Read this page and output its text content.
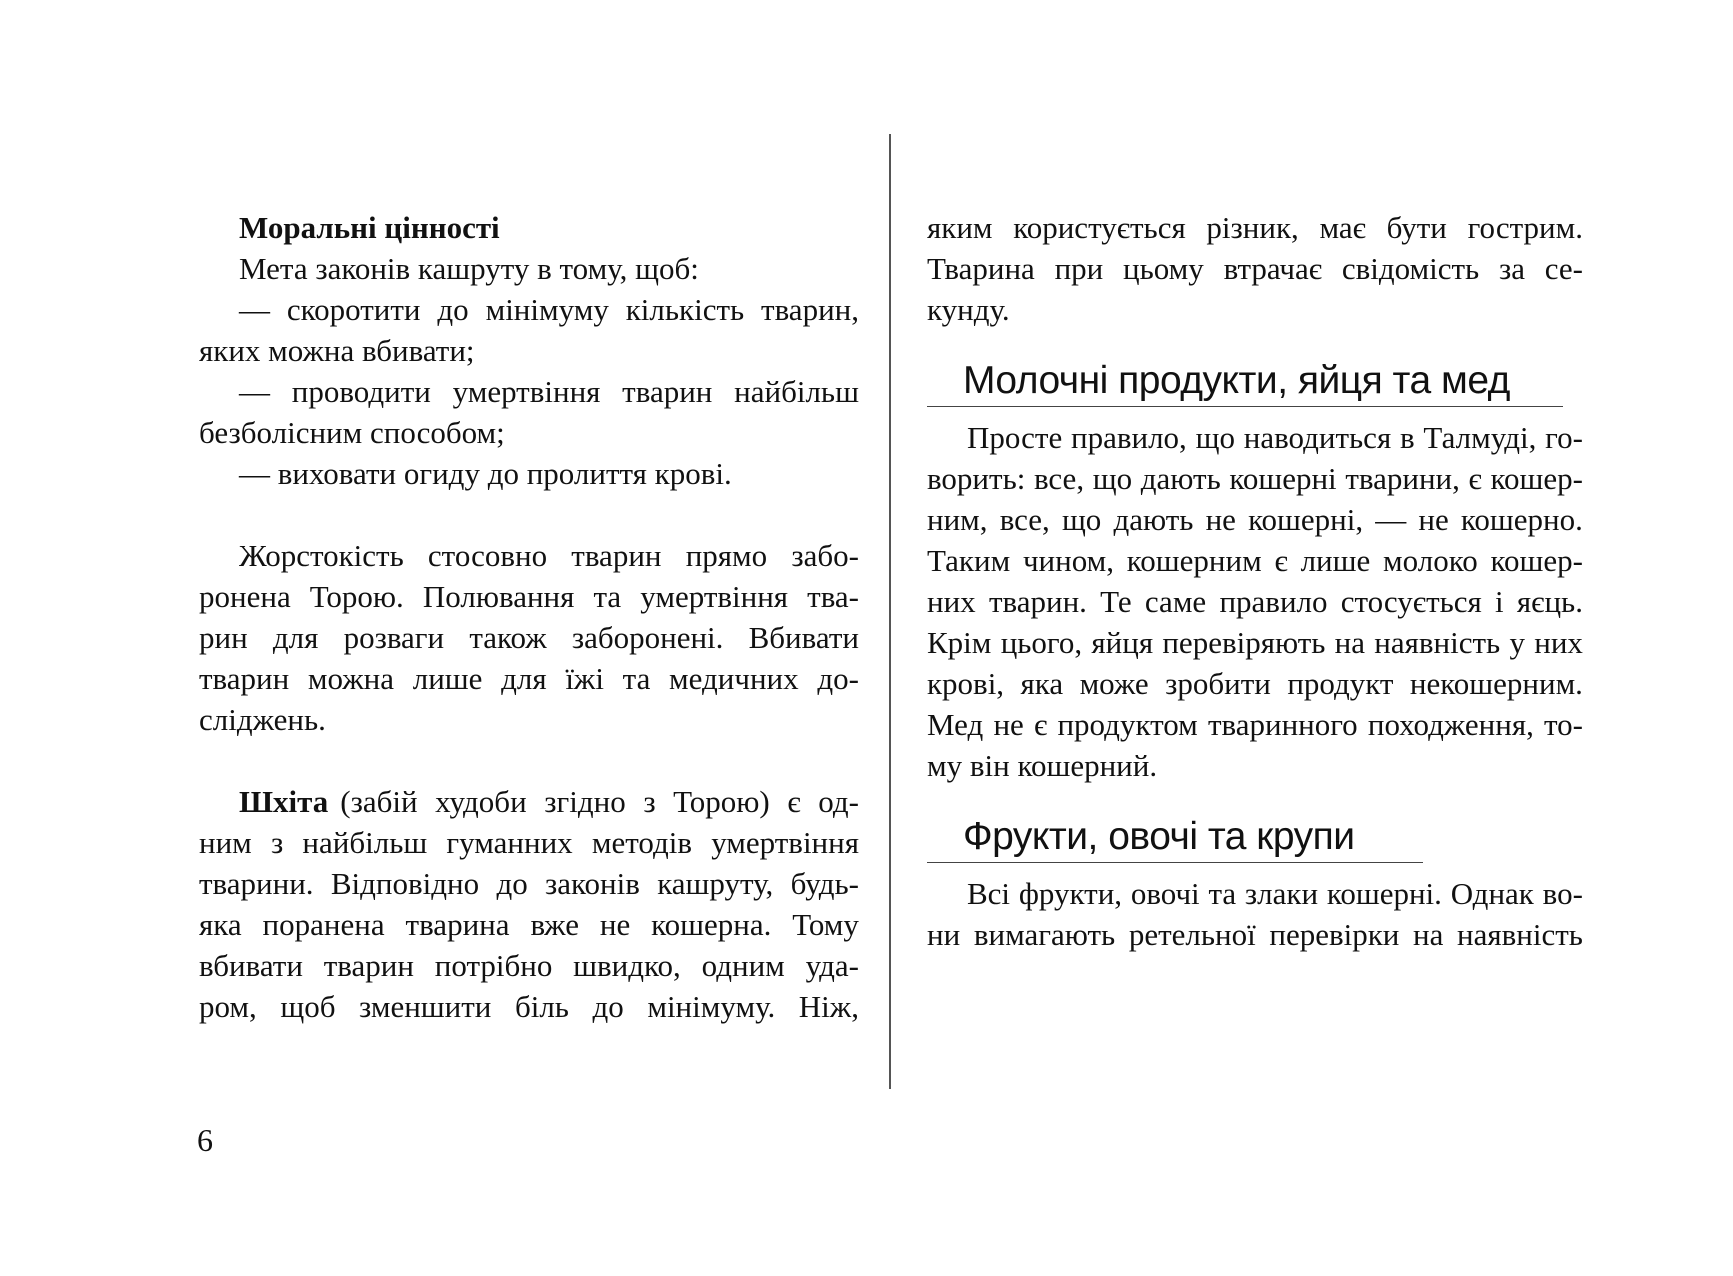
Моральні цінності
Мета законів кашруту в тому, щоб:
— скоротити до мінімуму кількість тварин,
яких можна вбивати;
— проводити умертвіння тварин найбільш
безболісним способом;
— виховати огиду до пролиття крові.
Жорстокість стосовно тварин прямо забо-
ронена Торою. Полювання та умертвіння тва-
рин для розваги також заборонені. Вбивати
тварин можна лише для їжі та медичних до-
сліджень.
Шхіта (забій худоби згідно з Торою) є од-
ним з найбільш гуманних методів умертвіння
тварини. Відповідно до законів кашруту, будь-
яка поранена тварина вже не кошерна. Тому
вбивати тварин потрібно швидко, одним уда-
ром, щоб зменшити біль до мінімуму. Ніж,
яким користується різник, має бути гострим.
Тварина при цьому втрачає свідомість за се-
кунду.
Молочні продукти, яйця та мед
Просте правило, що наводиться в Талмуді, го-
ворить: все, що дають кошерні тварини, є кошер-
ним, все, що дають не кошерні, — не кошерно.
Таким чином, кошерним є лише молоко кошер-
них тварин. Те саме правило стосується і яєць.
Крім цього, яйця перевіряють на наявність у них
крові, яка може зробити продукт некошерним.
Мед не є продуктом тваринного походження, то-
му він кошерний.
Фрукти, овочі та крупи
Всі фрукти, овочі та злаки кошерні. Однак во-
ни вимагають ретельної перевірки на наявність
6
